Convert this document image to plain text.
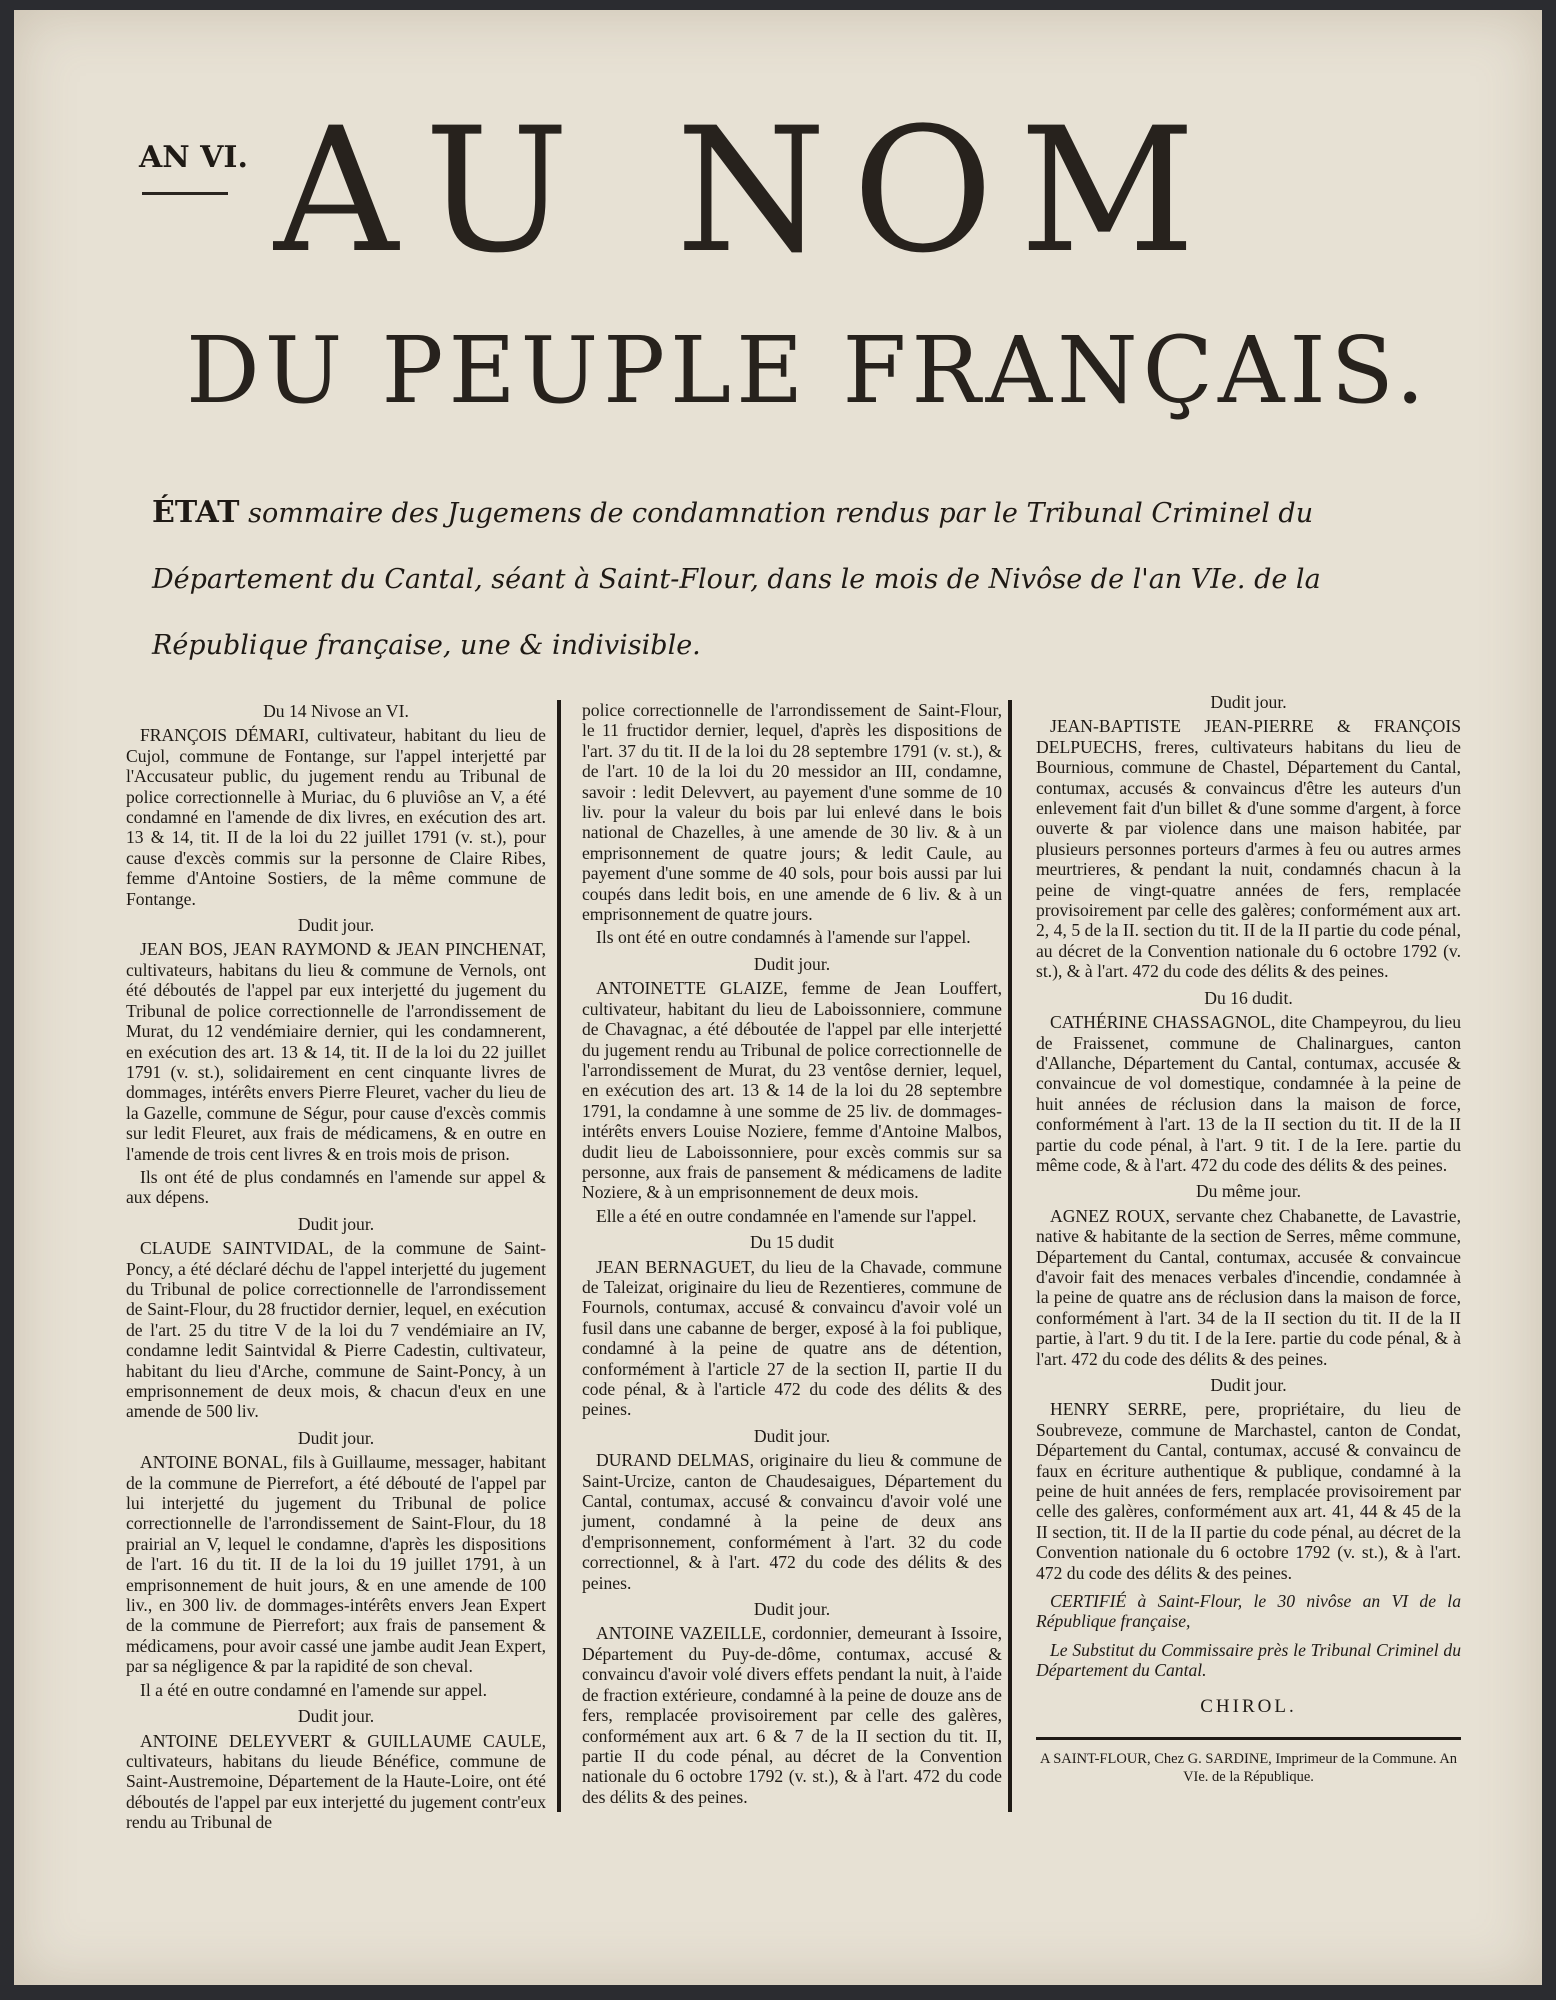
AN VI. AU NOM
DU PEUPLE FRANÇAIS.
ÉTAT sommaire des Jugemens de condamnation rendus par le Tribunal Criminel du Département du Cantal, séant à Saint-Flour, dans le mois de Nivôse de l'an VIe. de la République française, une & indivisible.
Du 14 Nivose an VI.
FRANÇOIS DÉMARI, cultivateur, habitant du lieu de Cujol, commune de Fontange, sur l'appel interjetté par l'Accusateur public, du jugement rendu au Tribunal de police correctionnelle à Muriac, du 6 pluviôse an V, a été condamné en l'amende de dix livres, en exécution des art. 13 & 14, tit. II de la loi du 22 juillet 1791 (v. st.), pour cause d'excès commis sur la personne de Claire Ribes, femme d'Antoine Sostiers, de la même commune de Fontange.
Dudit jour.
JEAN BOS, JEAN RAYMOND & JEAN PINCHENAT, cultivateurs, habitans du lieu & commune de Vernols, ont été déboutés de l'appel par eux interjetté du jugement du Tribunal de police correctionnelle de l'arrondissement de Murat, du 12 vendémiaire dernier, qui les condamnerent, en exécution des art. 13 & 14, tit. II de la loi du 22 juillet 1791 (v. st.), solidairement en cent cinquante livres de dommages, intérêts envers Pierre Fleuret, vacher du lieu de la Gazelle, commune de Ségur, pour cause d'excès commis sur ledit Fleuret, aux frais de médicamens, & en outre en l'amende de trois cent livres & en trois mois de prison.
Ils ont été de plus condamnés en l'amende sur appel & aux dépens.
Dudit jour.
CLAUDE SAINTVIDAL, de la commune de Saint-Poncy, a été déclaré déchu de l'appel interjetté du jugement du Tribunal de police correctionnelle de l'arrondissement de Saint-Flour, du 28 fructidor dernier, lequel, en exécution de l'art. 25 du titre V de la loi du 7 vendémiaire an IV, condamne ledit Saintvidal & Pierre Cadestin, cultivateur, habitant du lieu d'Arche, commune de Saint-Poncy, à un emprisonnement de deux mois, & chacun d'eux en une amende de 500 liv.
Dudit jour.
ANTOINE BONAL, fils à Guillaume, messager, habitant de la commune de Pierrefort, a été débouté de l'appel par lui interjetté du jugement du Tribunal de police correctionnelle de l'arrondissement de Saint-Flour, du 18 prairial an V, lequel le condamne, d'après les dispositions de l'art. 16 du tit. II de la loi du 19 juillet 1791, à un emprisonnement de huit jours, & en une amende de 100 liv., en 300 liv. de dommages-intérêts envers Jean Expert de la commune de Pierrefort; aux frais de pansement & médicamens, pour avoir cassé une jambe audit Jean Expert, par sa négligence & par la rapidité de son cheval.
Il a été en outre condamné en l'amende sur appel.
Dudit jour.
ANTOINE DELEYVERT & GUILLAUME CAULE, cultivateurs, habitans du lieude Bénéfice, commune de Saint-Austremoine, Département de la Haute-Loire, ont été déboutés de l'appel par eux interjetté du jugement contr'eux rendu au Tribunal de
police correctionnelle de l'arrondissement de Saint-Flour, le 11 fructidor dernier, lequel, d'après les dispositions de l'art. 37 du tit. II de la loi du 28 septembre 1791 (v. st.), & de l'art. 10 de la loi du 20 messidor an III, condamne, savoir : ledit Delevvert, au payement d'une somme de 10 liv. pour la valeur du bois par lui enlevé dans le bois national de Chazelles, à une amende de 30 liv. & à un emprisonnement de quatre jours; & ledit Caule, au payement d'une somme de 40 sols, pour bois aussi par lui coupés dans ledit bois, en une amende de 6 liv. & à un emprisonnement de quatre jours.
Ils ont été en outre condamnés à l'amende sur l'appel.
Dudit jour.
ANTOINETTE GLAIZE, femme de Jean Louffert, cultivateur, habitant du lieu de Laboissonniere, commune de Chavagnac, a été déboutée de l'appel par elle interjetté du jugement rendu au Tribunal de police correctionnelle de l'arrondissement de Murat, du 23 ventôse dernier, lequel, en exécution des art. 13 & 14 de la loi du 28 septembre 1791, la condamne à une somme de 25 liv. de dommages-intérêts envers Louise Noziere, femme d'Antoine Malbos, dudit lieu de Laboissonniere, pour excès commis sur sa personne, aux frais de pansement & médicamens de ladite Noziere, & à un emprisonnement de deux mois.
Elle a été en outre condamnée en l'amende sur l'appel.
Du 15 dudit
JEAN BERNAGUET, du lieu de la Chavade, commune de Taleizat, originaire du lieu de Rezentieres, commune de Fournols, contumax, accusé & convaincu d'avoir volé un fusil dans une cabanne de berger, exposé à la foi publique, condamné à la peine de quatre ans de détention, conformément à l'article 27 de la section II, partie II du code pénal, & à l'article 472 du code des délits & des peines.
Dudit jour.
DURAND DELMAS, originaire du lieu & commune de Saint-Urcize, canton de Chaudesaigues, Département du Cantal, contumax, accusé & convaincu d'avoir volé une jument, condamné à la peine de deux ans d'emprisonnement, conformément à l'art. 32 du code correctionnel, & à l'art. 472 du code des délits & des peines.
Dudit jour.
ANTOINE VAZEILLE, cordonnier, demeurant à Issoire, Département du Puy-de-dôme, contumax, accusé & convaincu d'avoir volé divers effets pendant la nuit, à l'aide de fraction extérieure, condamné à la peine de douze ans de fers, remplacée provisoirement par celle des galères, conformément aux art. 6 & 7 de la II section du tit. II, partie II du code pénal, au décret de la Convention nationale du 6 octobre 1792 (v. st.), & à l'art. 472 du code des délits & des peines.
Dudit jour.
JEAN-BAPTISTE JEAN-PIERRE & FRANÇOIS DELPUECHS, freres, cultivateurs habitans du lieu de Bournious, commune de Chastel, Département du Cantal, contumax, accusés & convaincus d'être les auteurs d'un enlevement fait d'un billet & d'une somme d'argent, à force ouverte & par violence dans une maison habitée, par plusieurs personnes porteurs d'armes à feu ou autres armes meurtrieres, & pendant la nuit, condamnés chacun à la peine de vingt-quatre années de fers, remplacée provisoirement par celle des galères; conformément aux art. 2, 4, 5 de la II. section du tit. II de la II partie du code pénal, au décret de la Convention nationale du 6 octobre 1792 (v. st.), & à l'art. 472 du code des délits & des peines.
Du 16 dudit.
CATHÉRINE CHASSAGNOL, dite Champeyrou, du lieu de Fraissenet, commune de Chalinargues, canton d'Allanche, Département du Cantal, contumax, accusée & convaincue de vol domestique, condamnée à la peine de huit années de réclusion dans la maison de force, conformément à l'art. 13 de la II section du tit. II de la II partie du code pénal, à l'art. 9 tit. I de la Iere. partie du même code, & à l'art. 472 du code des délits & des peines.
Du même jour.
AGNEZ ROUX, servante chez Chabanette, de Lavastrie, native & habitante de la section de Serres, même commune, Département du Cantal, contumax, accusée & convaincue d'avoir fait des menaces verbales d'incendie, condamnée à la peine de quatre ans de réclusion dans la maison de force, conformément à l'art. 34 de la II section du tit. II de la II partie, à l'art. 9 du tit. I de la Iere. partie du code pénal, & à l'art. 472 du code des délits & des peines.
Dudit jour.
HENRY SERRE, pere, propriétaire, du lieu de Soubreveze, commune de Marchastel, canton de Condat, Département du Cantal, contumax, accusé & convaincu de faux en écriture authentique & publique, condamné à la peine de huit années de fers, remplacée provisoirement par celle des galères, conformément aux art. 41, 44 & 45 de la II section, tit. II de la II partie du code pénal, au décret de la Convention nationale du 6 octobre 1792 (v. st.), & à l'art. 472 du code des délits & des peines.
CERTIFIÉ à Saint-Flour, le 30 nivôse an VI de la République française,
Le Substitut du Commissaire près le Tribunal Criminel du Département du Cantal.
CHIROL.
A SAINT-FLOUR, Chez G. SARDINE, Imprimeur de la Commune. An VIe. de la République.
